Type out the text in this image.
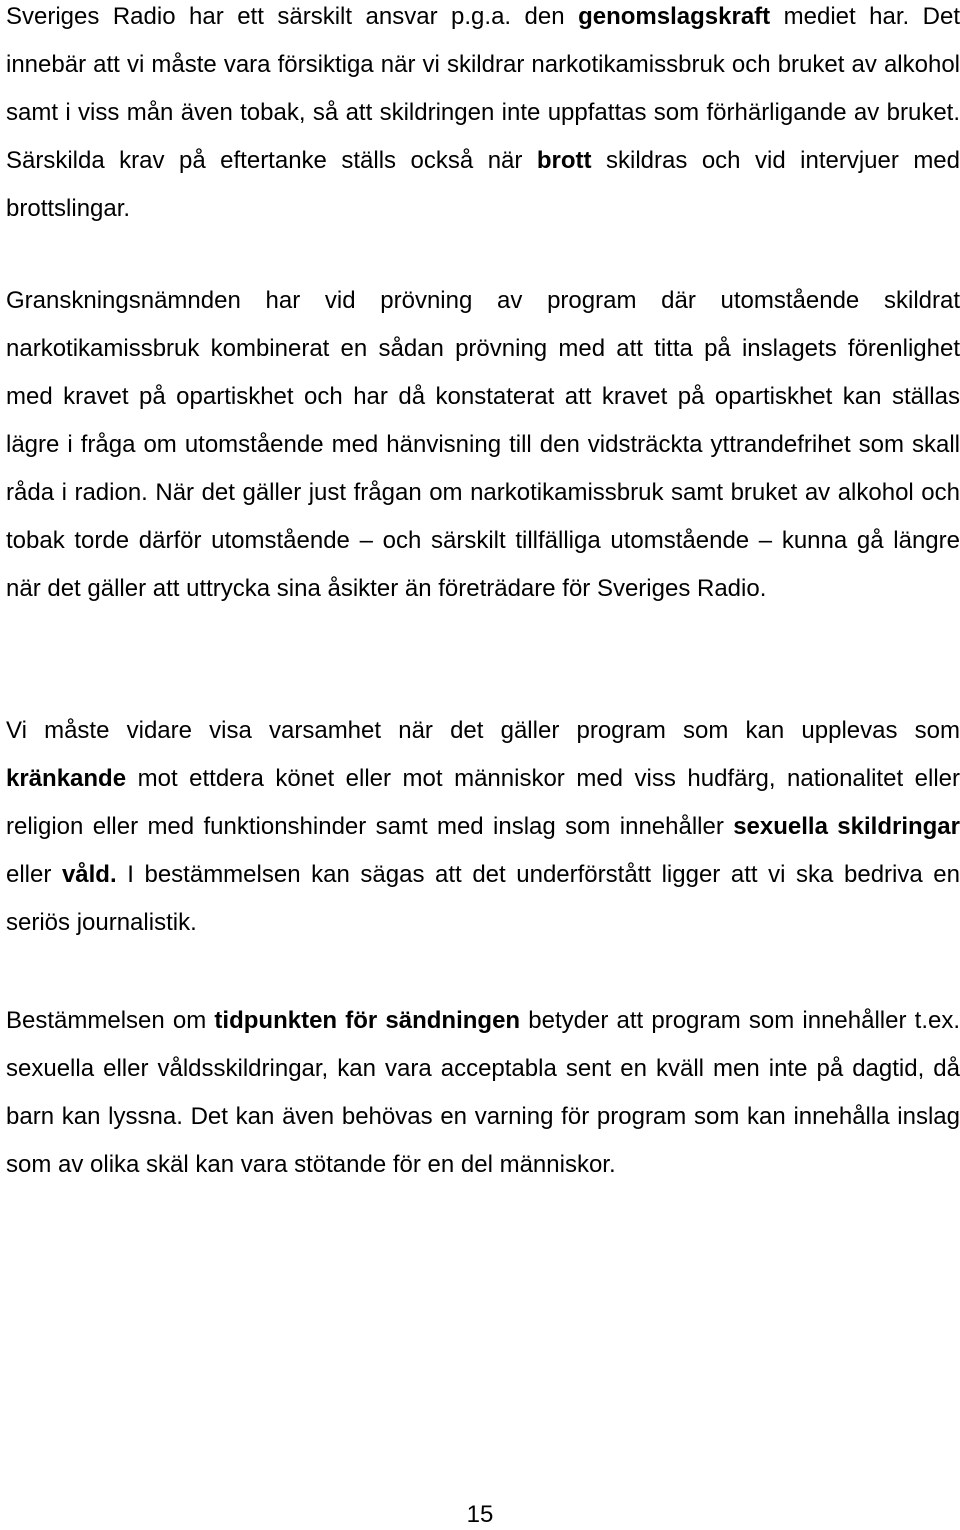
Sveriges Radio har ett särskilt ansvar p.g.a. den genomslagskraft mediet har. Det innebär att vi måste vara försiktiga när vi skildrar narkotikamissbruk och bruket av alkohol samt i viss mån även tobak, så att skildringen inte uppfattas som förhärligande av bruket. Särskilda krav på eftertanke ställs också när brott skildras och vid intervjuer med brottslingar.

Granskningsnämnden har vid prövning av program där utomstående skildrat narkotikamissbruk kombinerat en sådan prövning med att titta på inslagets förenlighet med kravet på opartiskhet och har då konstaterat att kravet på opartiskhet kan ställas lägre i fråga om utomstående med hänvisning till den vidsträckta yttrandefrihet som skall råda i radion. När det gäller just frågan om narkotikamissbruk samt bruket av alkohol och tobak torde därför utomstående – och särskilt tillfälliga utomstående – kunna gå längre när det gäller att uttrycka sina åsikter än företrädare för Sveriges Radio.

Vi måste vidare visa varsamhet när det gäller program som kan upplevas som kränkande mot ettdera könet eller mot människor med viss hudfärg, nationalitet eller religion eller med funktionshinder samt med inslag som innehåller sexuella skildringar eller våld. I bestämmelsen kan sägas att det underförstått ligger att vi ska bedriva en seriös journalistik.

Bestämmelsen om tidpunkten för sändningen betyder att program som innehåller t.ex. sexuella eller våldsskildringar, kan vara acceptabla sent en kväll men inte på dagtid, då barn kan lyssna. Det kan även behövas en varning för program som kan innehålla inslag som av olika skäl kan vara stötande för en del människor.

15
